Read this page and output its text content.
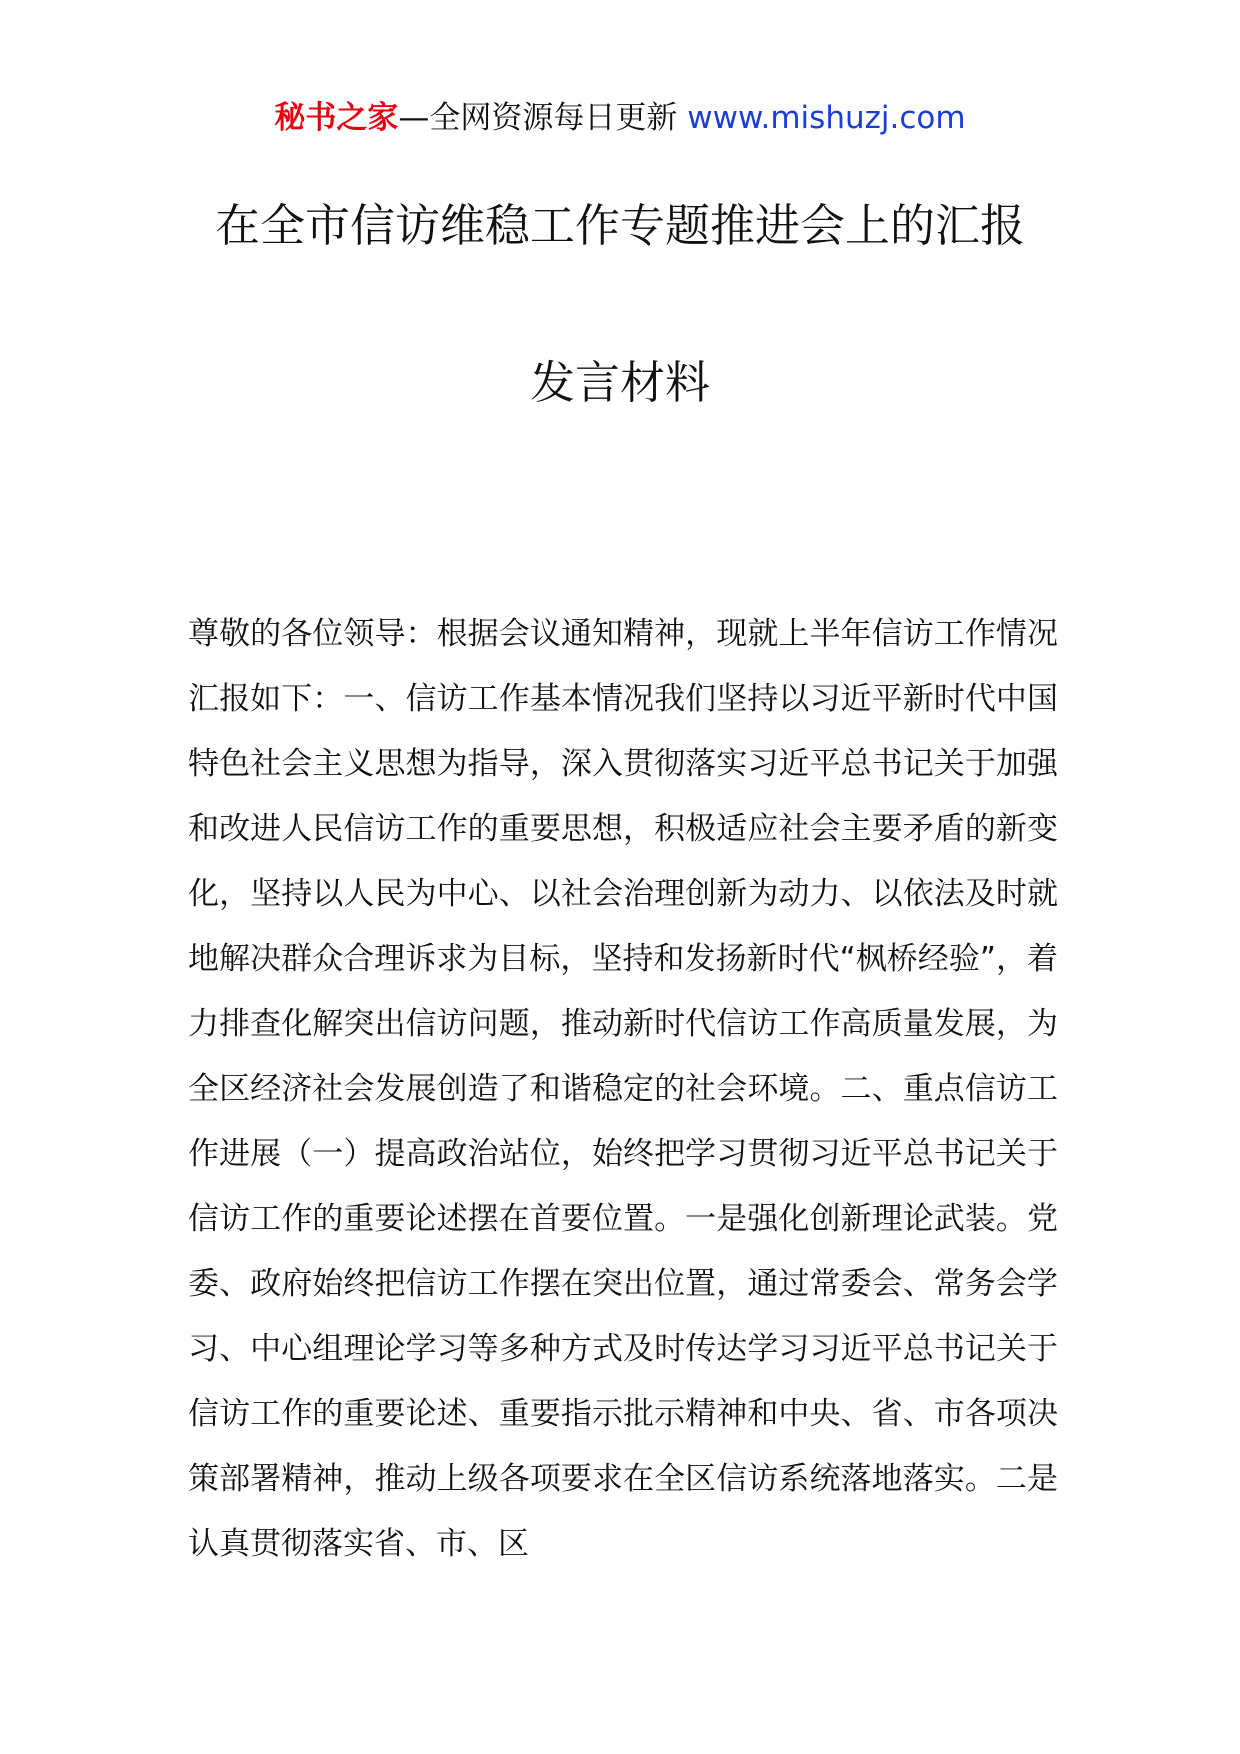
秘书之家—全网资源每日更新 www.mishuzj.com
在全市信访维稳工作专题推进会上的汇报
发言材料

尊敬的各位领导：根据会议通知精神，现就上半年信访工作情况汇报如下：一、信访工作基本情况我们坚持以习近平新时代中国特色社会主义思想为指导，深入贯彻落实习近平总书记关于加强和改进人民信访工作的重要思想，积极适应社会主要矛盾的新变化，坚持以人民为中心、以社会治理创新为动力、以依法及时就地解决群众合理诉求为目标，坚持和发扬新时代“枫桥经验”，着力排查化解突出信访问题，推动新时代信访工作高质量发展，为全区经济社会发展创造了和谐稳定的社会环境。二、重点信访工作进展（一）提高政治站位，始终把学习贯彻习近平总书记关于信访工作的重要论述摆在首要位置。一是强化创新理论武装。党委、政府始终把信访工作摆在突出位置，通过常委会、常务会学习、中心组理论学习等多种方式及时传达学习习近平总书记关于信访工作的重要论述、重要指示批示精神和中央、省、市各项决策部署精神，推动上级各项要求在全区信访系统落地落实。二是认真贯彻落实省、市、区
